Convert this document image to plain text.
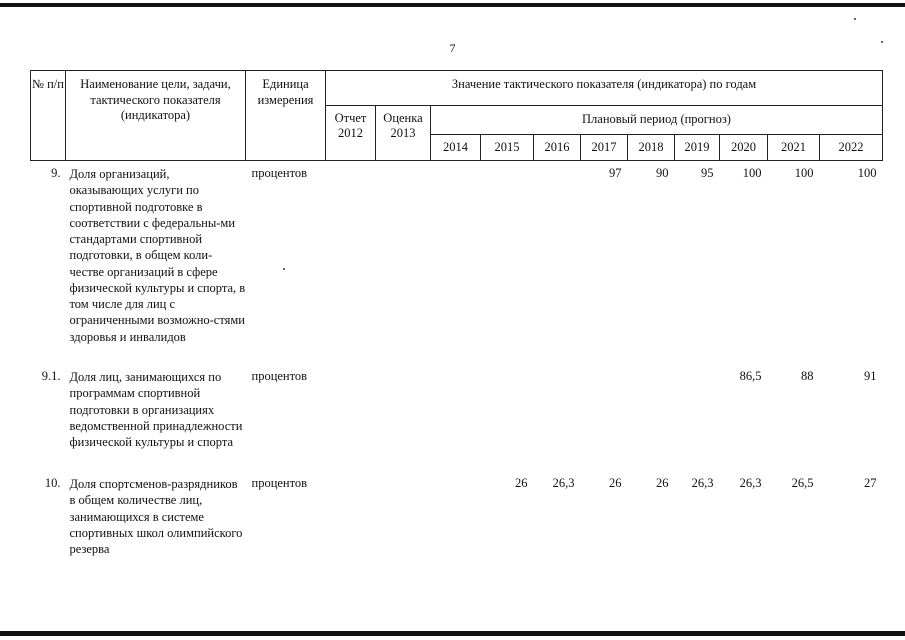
7
№ п/п	Наименование цели, задачи, тактического показателя (индикатора)	Единица измерения	Значение тактического показателя (индикатора) по годам										
			Отчет 2012	Оценка 2013	Плановый период (прогноз)								
					2014	2015	2016	2017	2018	2019	2020	2021	2022
9.	Доля организаций, оказывающих услуги по спортивной подготовке в соответствии с федеральны-ми стандартами спортивной подготовки, в общем коли-честве организаций в сфере физической культуры и спорта, в том числе для лиц с ограниченными возможно-стями здоровья и инвалидов	процентов						97	90	95	100	100	100
9.1.	Доля лиц, занимающихся по программам спортивной подготовки в организациях ведомственной принадлежности физической культуры и спорта	процентов									86,5	88	91
10.	Доля спортсменов-разрядников в общем количестве лиц, занимающихся в системе спортивных школ олимпийского резерва	процентов				26	26,3	26	26	26,3	26,3	26,5	27
